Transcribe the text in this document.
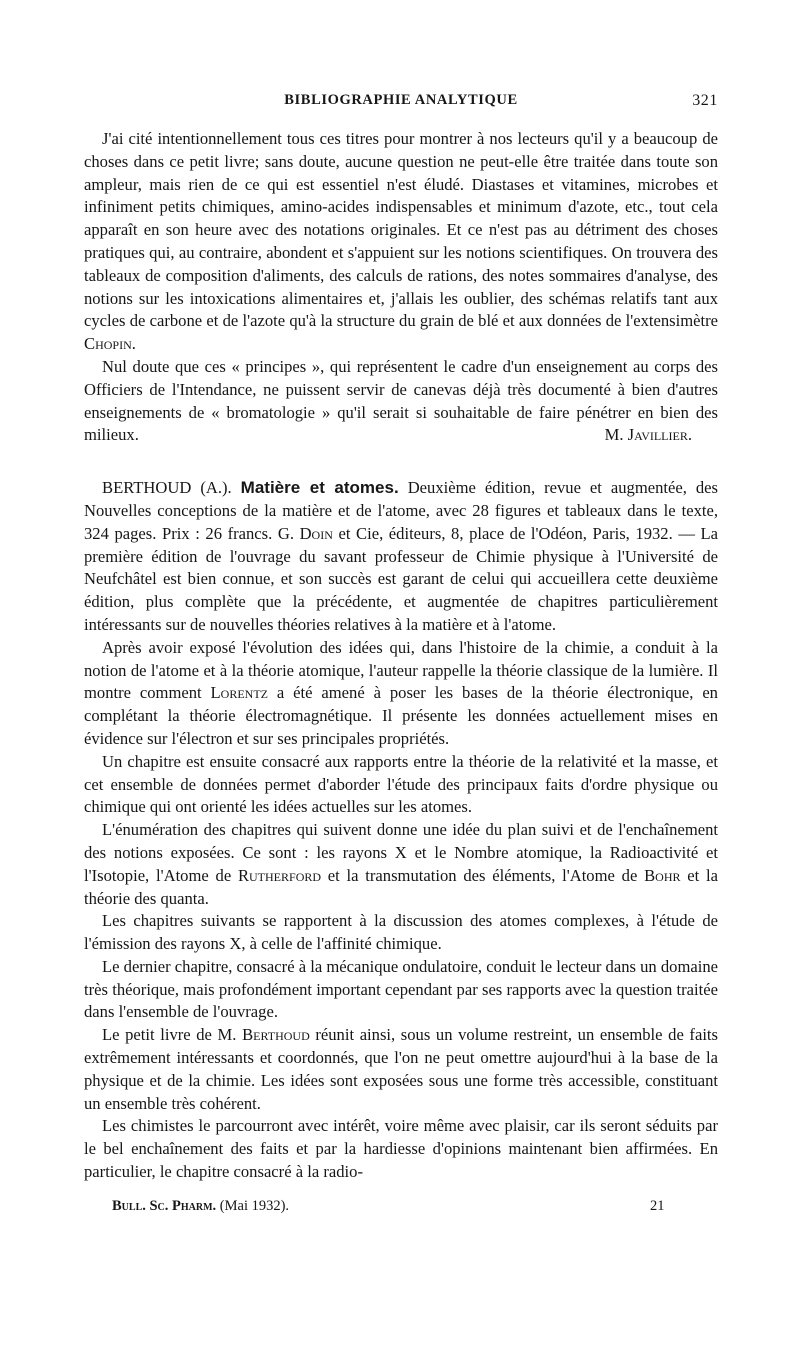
BIBLIOGRAPHIE ANALYTIQUE	321

J'ai cité intentionnellement tous ces titres pour montrer à nos lecteurs qu'il y a beaucoup de choses dans ce petit livre; sans doute, aucune question ne peut-elle être traitée dans toute son ampleur, mais rien de ce qui est essentiel n'est éludé. Diastases et vitamines, microbes et infiniment petits chimiques, amino-acides indispensables et minimum d'azote, etc., tout cela apparaît en son heure avec des notations originales. Et ce n'est pas au détriment des choses pratiques qui, au contraire, abondent et s'appuient sur les notions scientifiques. On trouvera des tableaux de composition d'aliments, des calculs de rations, des notes sommaires d'analyse, des notions sur les intoxications alimentaires et, j'allais les oublier, des schémas relatifs tant aux cycles de carbone et de l'azote qu'à la structure du grain de blé et aux données de l'extensimètre Chopin.

Nul doute que ces « principes », qui représentent le cadre d'un enseignement au corps des Officiers de l'Intendance, ne puissent servir de canevas déjà très documenté à bien d'autres enseignements de « bromatologie » qu'il serait si souhaitable de faire pénétrer en bien des milieux.	M. Javillier.

BERTHOUD (A.). Matière et atomes. Deuxième édition, revue et augmentée, des Nouvelles conceptions de la matière et de l'atome, avec 28 figures et tableaux dans le texte, 324 pages. Prix : 26 francs. G. Doin et Cie, éditeurs, 8, place de l'Odéon, Paris, 1932. — La première édition de l'ouvrage du savant professeur de Chimie physique à l'Université de Neufchâtel est bien connue, et son succès est garant de celui qui accueillera cette deuxième édition, plus complète que la précédente, et augmentée de chapitres particulièrement intéressants sur de nouvelles théories relatives à la matière et à l'atome.

Après avoir exposé l'évolution des idées qui, dans l'histoire de la chimie, a conduit à la notion de l'atome et à la théorie atomique, l'auteur rappelle la théorie classique de la lumière. Il montre comment Lorentz a été amené à poser les bases de la théorie électronique, en complétant la théorie électromagnétique. Il présente les données actuellement mises en évidence sur l'électron et sur ses principales propriétés.

Un chapitre est ensuite consacré aux rapports entre la théorie de la relativité et la masse, et cet ensemble de données permet d'aborder l'étude des principaux faits d'ordre physique ou chimique qui ont orienté les idées actuelles sur les atomes.

L'énumération des chapitres qui suivent donne une idée du plan suivi et de l'enchaînement des notions exposées. Ce sont : les rayons X et le Nombre atomique, la Radioactivité et l'Isotopie, l'Atome de Rutherford et la transmutation des éléments, l'Atome de Bohr et la théorie des quanta.

Les chapitres suivants se rapportent à la discussion des atomes complexes, à l'étude de l'émission des rayons X, à celle de l'affinité chimique.

Le dernier chapitre, consacré à la mécanique ondulatoire, conduit le lecteur dans un domaine très théorique, mais profondément important cependant par ses rapports avec la question traitée dans l'ensemble de l'ouvrage.

Le petit livre de M. Berthoud réunit ainsi, sous un volume restreint, un ensemble de faits extrêmement intéressants et coordonnés, que l'on ne peut omettre aujourd'hui à la base de la physique et de la chimie. Les idées sont exposées sous une forme très accessible, constituant un ensemble très cohérent.

Les chimistes le parcourront avec intérêt, voire même avec plaisir, car ils seront séduits par le bel enchaînement des faits et par la hardiesse d'opinions maintenant bien affirmées. En particulier, le chapitre consacré à la radio-

Bull. Sc. Pharm. (Mai 1932).	21
